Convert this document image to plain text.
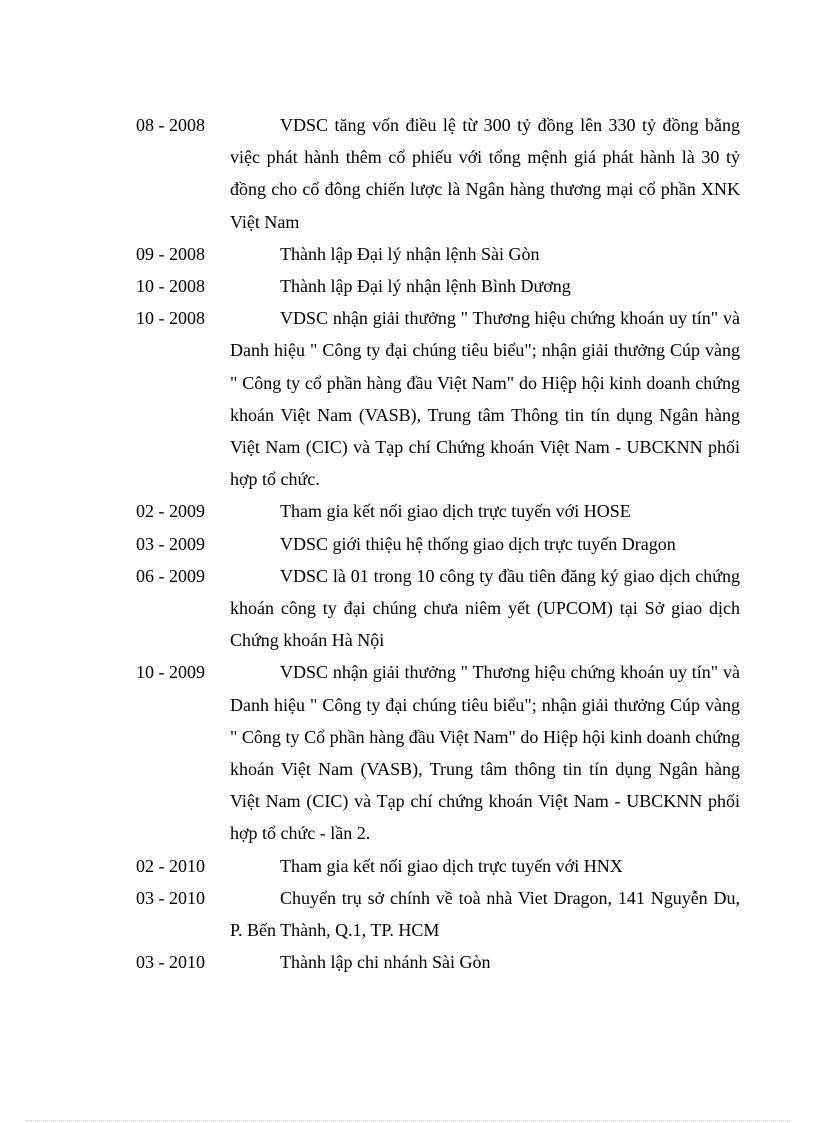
08 - 2008	VDSC tăng vốn điều lệ từ 300 tỷ đồng lên 330 tỷ đồng bằng việc phát hành thêm cổ phiếu với tổng mệnh giá phát hành là 30 tỷ đồng cho cổ đông chiến lược là Ngân hàng thương mại cổ phần XNK Việt Nam
09 - 2008	Thành lập Đại lý nhận lệnh Sài Gòn
10 - 2008	Thành lập Đại lý nhận lệnh Bình Dương
10 - 2008	VDSC nhận giải thưởng " Thương hiệu chứng khoán uy tín" và Danh hiệu " Công ty đại chúng tiêu biểu"; nhận giải thưởng Cúp vàng " Công ty cổ phần hàng đầu Việt Nam" do Hiệp hội kinh doanh chứng khoán Việt Nam (VASB), Trung tâm Thông tin tín dụng Ngân hàng Việt Nam (CIC) và Tạp chí Chứng khoán Việt Nam - UBCKNN phối hợp tổ chức.
02 - 2009	Tham gia kết nối giao dịch trực tuyến với HOSE
03 - 2009	VDSC giới thiệu hệ thống giao dịch trực tuyến Dragon
06 - 2009	VDSC là 01 trong 10 công ty đầu tiên đăng ký giao dịch chứng khoán công ty đại chúng chưa niêm yết (UPCOM) tại Sở giao dịch Chứng khoán Hà Nội
10 - 2009	VDSC nhận giải thưởng " Thương hiệu chứng khoán uy tín" và Danh hiệu " Công ty đại chúng tiêu biểu"; nhận giải thưởng Cúp vàng " Công ty Cổ phần hàng đầu Việt Nam" do Hiệp hội kinh doanh chứng khoán Việt Nam (VASB), Trung tâm thông tin tín dụng Ngân hàng Việt Nam (CIC) và Tạp chí chứng khoán Việt Nam - UBCKNN phối hợp tổ chức - lần 2.
02 - 2010	Tham gia kết nối giao dịch trực tuyến với HNX
03 - 2010	Chuyển trụ sở chính về toà nhà Viet Dragon, 141 Nguyễn Du, P. Bến Thành, Q.1, TP. HCM
03 - 2010	Thành lập chi nhánh Sài Gòn
